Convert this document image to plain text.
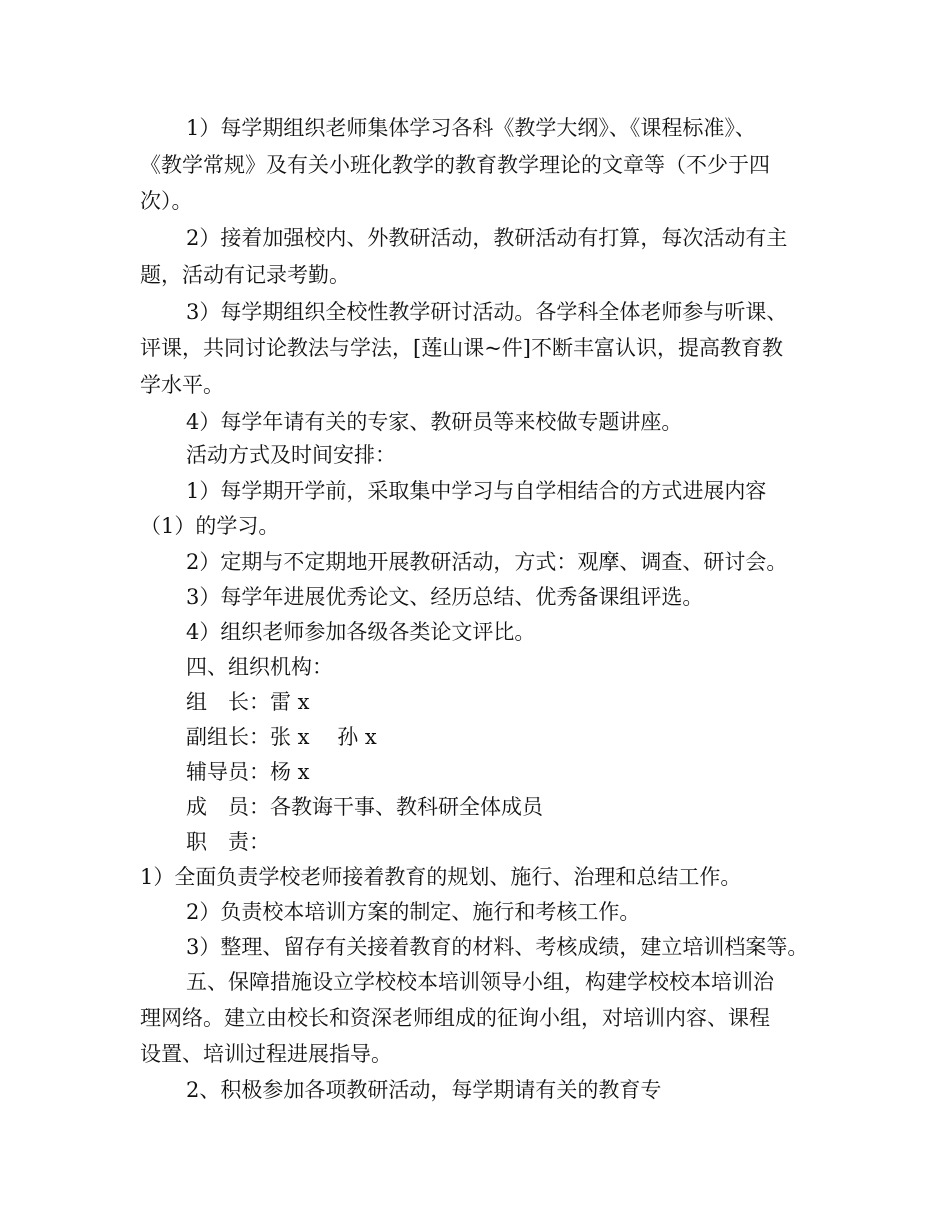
1）每学期组织老师集体学习各科《教学大纲》、《课程标准》、

《教学常规》及有关小班化教学的教育教学理论的文章等（不少于四

次）。

2）接着加强校内、外教研活动，教研活动有打算，每次活动有主

题，活动有记录考勤。

3）每学期组织全校性教学研讨活动。各学科全体老师参与听课、

评课，共同讨论教法与学法，[莲山课~件]不断丰富认识，提高教育教

学水平。

4）每学年请有关的专家、教研员等来校做专题讲座。

活动方式及时间安排：

1）每学期开学前，采取集中学习与自学相结合的方式进展内容

（1）的学习。

2）定期与不定期地开展教研活动，方式：观摩、调查、研讨会。

3）每学年进展优秀论文、经历总结、优秀备课组评选。

4）组织老师参加各级各类论文评比。

四、组织机构：

组　长：雷 x

副组长：张 x　 孙 x

辅导员：杨 x

成　员：各教诲干事、教科研全体成员

职　责：

1）全面负责学校老师接着教育的规划、施行、治理和总结工作。

2）负责校本培训方案的制定、施行和考核工作。

3）整理、留存有关接着教育的材料、考核成绩，建立培训档案等。

五、保障措施设立学校校本培训领导小组，构建学校校本培训治

理网络。建立由校长和资深老师组成的征询小组，对培训内容、课程

设置、培训过程进展指导。

2、积极参加各项教研活动，每学期请有关的教育专
